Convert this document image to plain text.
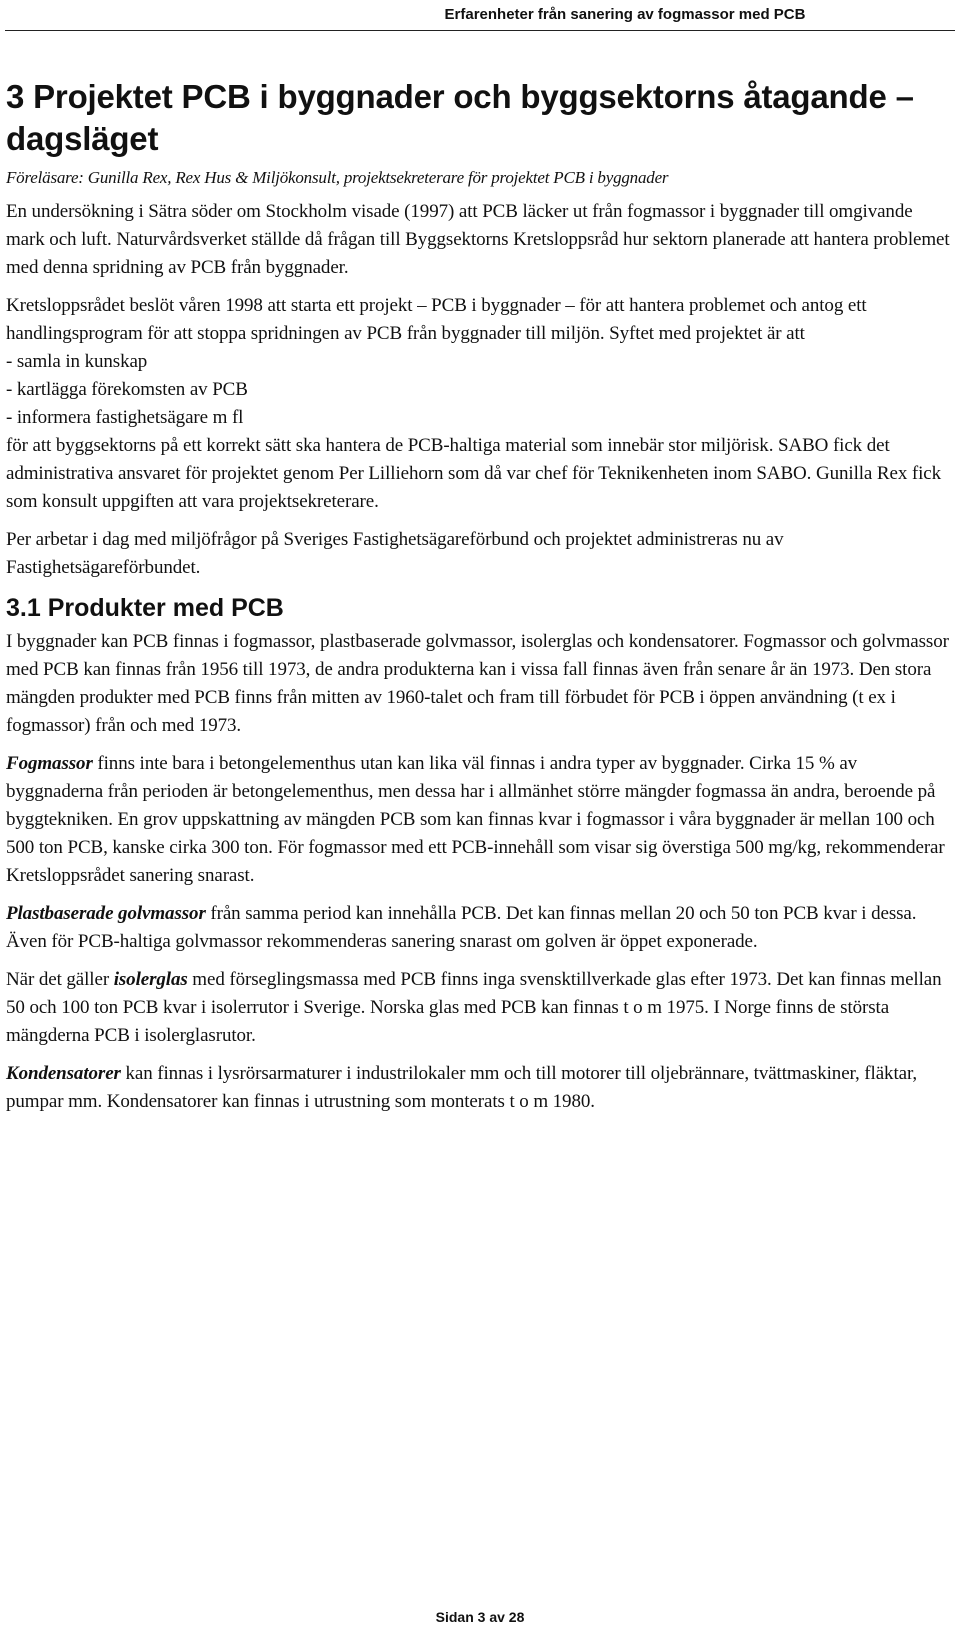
Erfarenheter från sanering av fogmassor med PCB
3 Projektet PCB i byggnader och byggsektorns åtagande – dagsläget
Föreläsare: Gunilla Rex, Rex Hus & Miljökonsult, projektsekreterare för projektet PCB i byggnader

En undersökning i Sätra söder om Stockholm visade (1997) att PCB läcker ut från fogmassor i byggnader till omgivande mark och luft. Naturvårdsverket ställde då frågan till Byggsektorns Kretsloppsråd hur sektorn planerade att hantera problemet med denna spridning av PCB från byggnader.

Kretsloppsrådet beslöt våren 1998 att starta ett projekt – PCB i byggnader – för att hantera problemet och antog ett handlingsprogram för att stoppa spridningen av PCB från byggnader till miljön. Syftet med projektet är att

- samla in kunskap

- kartlägga förekomsten av PCB

- informera fastighetsägare m fl

för att byggsektorns på ett korrekt sätt ska hantera de PCB-haltiga material som innebär stor miljörisk. SABO fick det administrativa ansvaret för projektet genom Per Lilliehorn som då var chef för Teknikenheten inom SABO. Gunilla Rex fick som konsult uppgiften att vara projektsekreterare.

Per arbetar i dag med miljöfrågor på Sveriges Fastighetsägareförbund och projektet administreras nu av Fastighetsägareförbundet.

3.1 Produkter med PCB

I byggnader kan PCB finnas i fogmassor, plastbaserade golvmassor, isolerglas och kondensatorer. Fogmassor och golvmassor med PCB kan finnas från 1956 till 1973, de andra produkterna kan i vissa fall finnas även från senare år än 1973. Den stora mängden produkter med PCB finns från mitten av 1960-talet och fram till förbudet för PCB i öppen användning (t ex i fogmassor) från och med 1973.

Fogmassor finns inte bara i betongelementhus utan kan lika väl finnas i andra typer av byggnader. Cirka 15 % av byggnaderna från perioden är betongelementhus, men dessa har i allmänhet större mängder fogmassa än andra, beroende på byggtekniken. En grov uppskattning av mängden PCB som kan finnas kvar i fogmassor i våra byggnader är mellan 100 och 500 ton PCB, kanske cirka 300 ton. För fogmassor med ett PCB-innehåll som visar sig överstiga 500 mg/kg, rekommenderar Kretsloppsrådet sanering snarast.

Plastbaserade golvmassor från samma period kan innehålla PCB. Det kan finnas mellan 20 och 50 ton PCB kvar i dessa. Även för PCB-haltiga golvmassor rekommenderas sanering snarast om golven är öppet exponerade.

När det gäller isolerglas med förseglingsmassa med PCB finns inga svensktillverkade glas efter 1973. Det kan finnas mellan 50 och 100 ton PCB kvar i isolerrutor i Sverige. Norska glas med PCB kan finnas t o m 1975. I Norge finns de största mängderna PCB i isolerglasrutor.

Kondensatorer kan finnas i lysrörsarmaturer i industrilokaler mm och till motorer till oljebrännare, tvättmaskiner, fläktar, pumpar mm. Kondensatorer kan finnas i utrustning som monterats t o m 1980.

Sidan 3 av 28
